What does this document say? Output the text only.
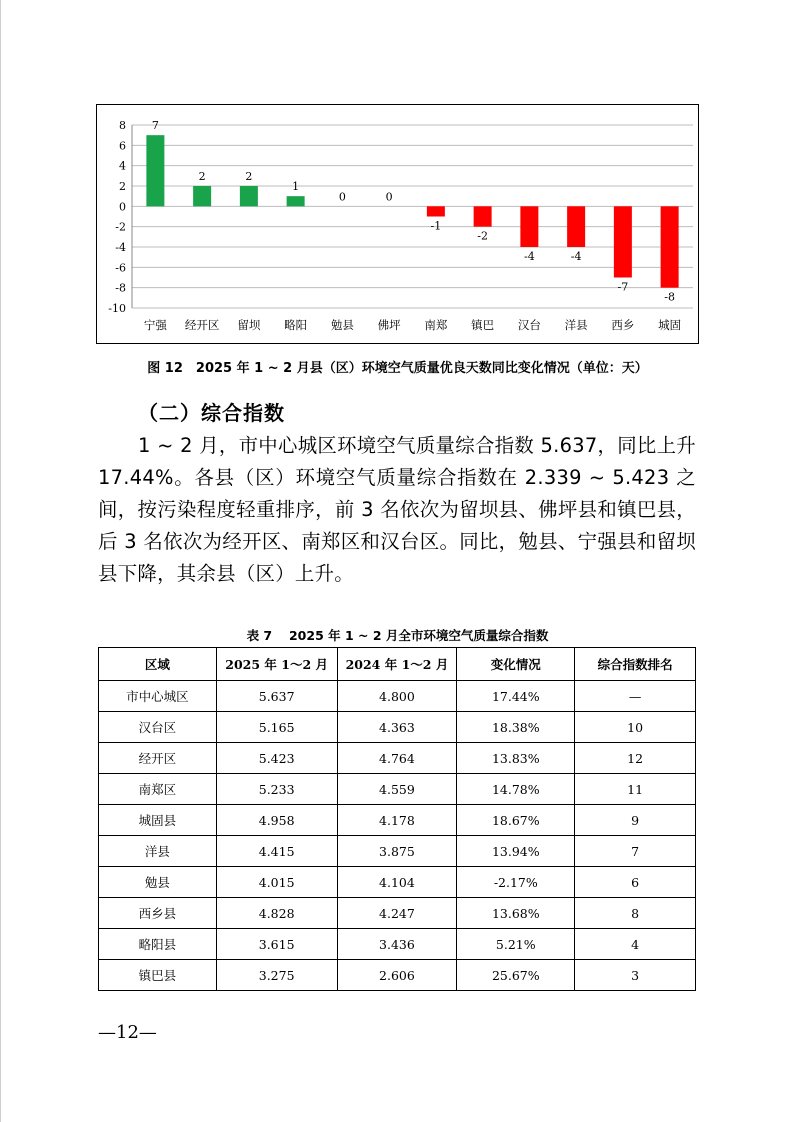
8
6
4
2
0
-2
-4
-6
-8
-10
7
宁强
2
经开区
2
留坝
1
略阳
0
勉县
0
佛坪
-1
南郑
-2
镇巴
-4
汉台
-4
洋县
-7
西乡
-8
城固
图 12　2025 年 1 ~ 2 月县（区）环境空气质量优良天数同比变化情况（单位：天）
（二）综合指数
1 ~ 2 月，市中心城区环境空气质量综合指数 5.637，同比上升 17.44%。各县（区）环境空气质量综合指数在 2.339 ~ 5.423 之间，按污染程度轻重排序，前 3 名依次为留坝县、佛坪县和镇巴县，后 3 名依次为经开区、南郑区和汉台区。同比，勉县、宁强县和留坝县下降，其余县（区）上升。
表 7　 2025 年 1 ~ 2 月全市环境空气质量综合指数
区域	2025 年 1～2 月	2024 年 1～2 月	变化情况	综合指数排名
市中心城区	5.637	4.800	17.44%	—
汉台区	5.165	4.363	18.38%	10
经开区	5.423	4.764	13.83%	12
南郑区	5.233	4.559	14.78%	11
城固县	4.958	4.178	18.67%	9
洋县	4.415	3.875	13.94%	7
勉县	4.015	4.104	-2.17%	6
西乡县	4.828	4.247	13.68%	8
略阳县	3.615	3.436	5.21%	4
镇巴县	3.275	2.606	25.67%	3
—12—
